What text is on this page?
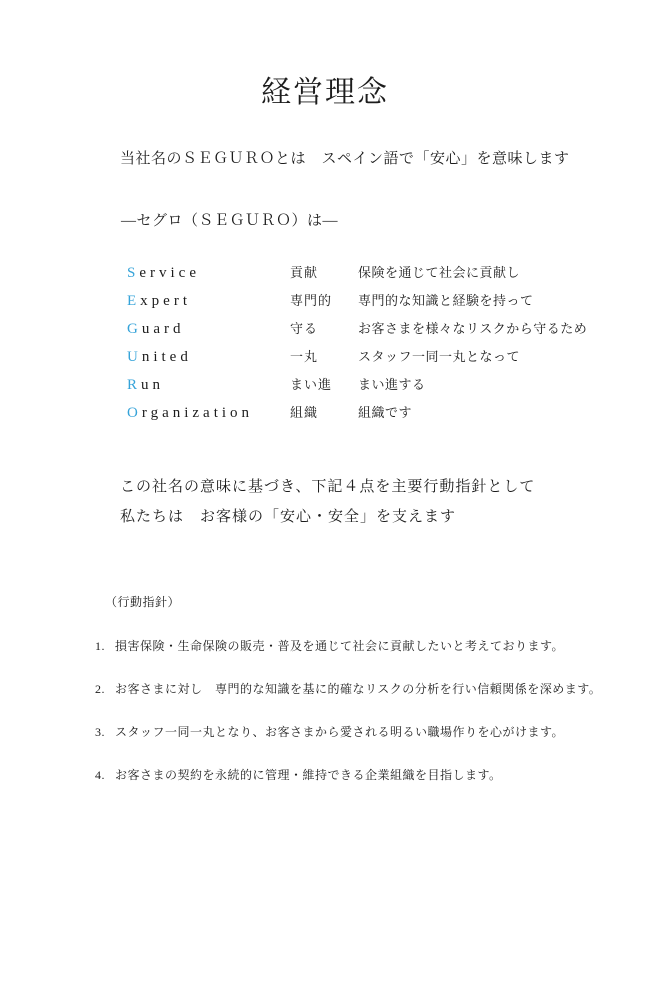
経営理念

当社名のＳＥＧＵＲＯとは　スペイン語で「安心」を意味します

―セグロ（ＳＥＧＵＲＯ）は―

Service	貢献	保険を通じて社会に貢献し
Expert	専門的	専門的な知識と経験を持って
Guard	守る	お客さまを様々なリスクから守るため
United	一丸	スタッフ一同一丸となって
Run	まい進	まい進する
Organization	組織	組織です

この社名の意味に基づき、下記４点を主要行動指針として

私たちは　お客様の「安心・安全」を支えます

（行動指針）

1. 損害保険・生命保険の販売・普及を通じて社会に貢献したいと考えております。

2. お客さまに対し　専門的な知識を基に的確なリスクの分析を行い信頼関係を深めます。

3. スタッフ一同一丸となり、お客さまから愛される明るい職場作りを心がけます。

4. お客さまの契約を永続的に管理・維持できる企業組織を目指します。
